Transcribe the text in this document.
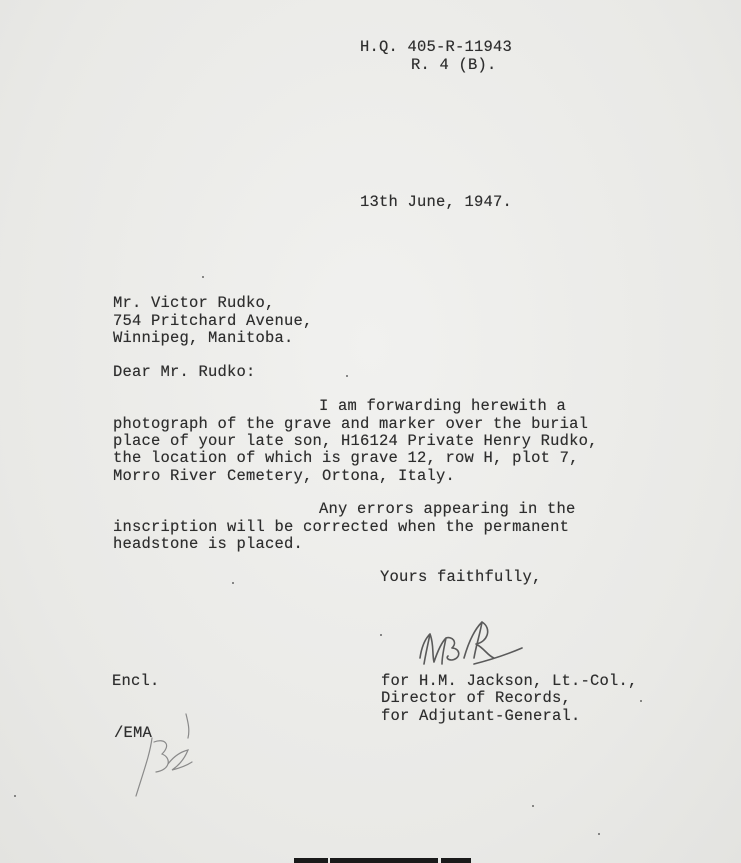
H.Q. 405-R-11943
R. 4 (B).
13th June, 1947.
Mr. Victor Rudko,
754 Pritchard Avenue,
Winnipeg, Manitoba.
Dear Mr. Rudko:
I am forwarding herewith a
photograph of the grave and marker over the burial
place of your late son, H16124 Private Henry Rudko,
the location of which is grave 12, row H, plot 7,
Morro River Cemetery, Ortona, Italy.
Any errors appearing in the
inscription will be corrected when the permanent
headstone is placed.
Yours faithfully,
for H.M. Jackson, Lt.-Col.,
Director of Records,
for Adjutant-General.
Encl.
/EMA
